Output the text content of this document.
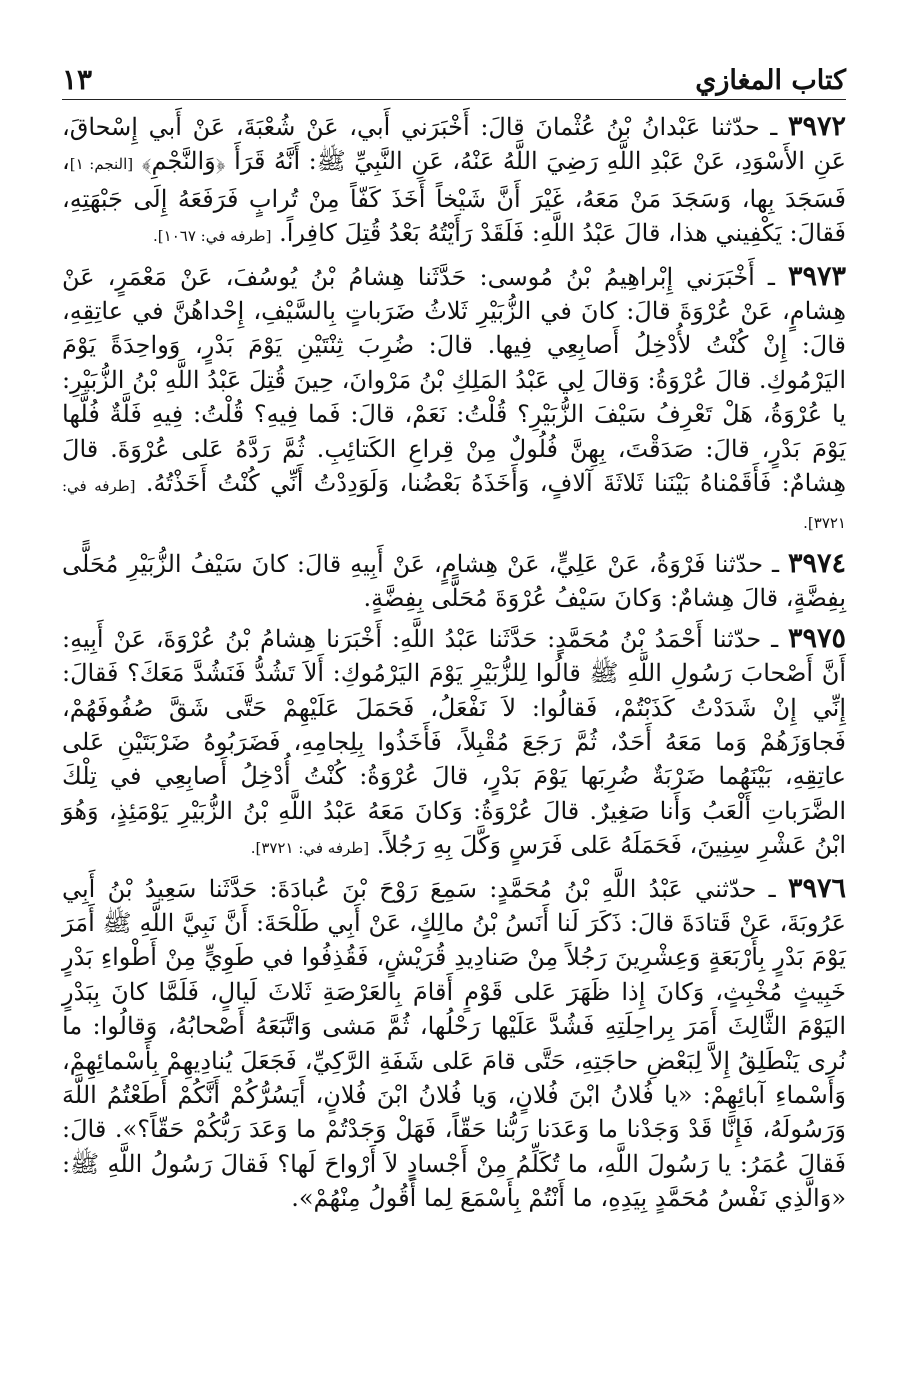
كتاب المغازي
١٣

٣٩٧٢ ـ حدّثنا عَبْدانُ بْنُ عُثْمانَ قالَ: أَخْبَرَني أَبي، عَنْ شُعْبَةَ، عَنْ أَبي إِسْحاقَ، عَنِ الأَسْوَدِ، عَنْ عَبْدِ اللَّهِ رَضِيَ اللَّهُ عَنْهُ، عَنِ النَّبِيِّ ﷺ: أَنَّهُ قَرَأَ ﴿وَالنَّجْمِ﴾ [النجم: ١]، فَسَجَدَ بِها، وَسَجَدَ مَنْ مَعَهُ، غَيْرَ أَنَّ شَيْخاً أَخَذَ كَفّاً مِنْ تُرابٍ فَرَفَعَهُ إِلَى جَبْهَتِهِ، فَقالَ: يَكْفِيني هذا، قالَ عَبْدُ اللَّهِ: فَلَقَدْ رَأَيْتُهُ بَعْدُ قُتِلَ كافِراً. [طرفه في: ١٠٦٧].

٣٩٧٣ ـ أَخْبَرَني إِبْراهِيمُ بْنُ مُوسى: حَدَّثَنا هِشامُ بْنُ يُوسُفَ، عَنْ مَعْمَرٍ، عَنْ هِشامٍ، عَنْ عُرْوَةَ قالَ: كانَ في الزُّبَيْرِ ثَلاثُ ضَرَباتٍ بِالسَّيْفِ، إِحْداهُنَّ في عاتِقِهِ، قالَ: إِنْ كُنْتُ لأُدْخِلُ أَصابِعِي فِيها. قالَ: ضُرِبَ ثِنْتَيْنِ يَوْمَ بَدْرٍ، وَواحِدَةً يَوْمَ اليَرْمُوكِ. قالَ عُرْوَةُ: وَقالَ لِي عَبْدُ المَلِكِ بْنُ مَرْوانَ، حِينَ قُتِلَ عَبْدُ اللَّهِ بْنُ الزُّبَيْرِ: يا عُرْوَةُ، هَلْ تَعْرِفُ سَيْفَ الزُّبَيْرِ؟ قُلْتُ: نَعَمْ، قالَ: فَما فِيهِ؟ قُلْتُ: فِيهِ فَلَّةٌ فُلَّها يَوْمَ بَدْرٍ، قالَ: صَدَقْتَ، بِهِنَّ فُلُولٌ مِنْ قِراعِ الكَتائِبِ. ثُمَّ رَدَّهُ عَلى عُرْوَةَ. قالَ هِشامٌ: فَأَقَمْناهُ بَيْنَنا ثَلاثَةَ آلافٍ، وَأَخَذَهُ بَعْضُنا، وَلَوَدِدْتُ أَنِّي كُنْتُ أَخَذْتُهُ. [طرفه في: ٣٧٢١].

٣٩٧٤ ـ حدّثنا فَرْوَةُ، عَنْ عَلِيٍّ، عَنْ هِشامٍ، عَنْ أَبِيهِ قالَ: كانَ سَيْفُ الزُّبَيْرِ مُحَلًّى بِفِضَّةٍ، قالَ هِشامٌ: وَكانَ سَيْفُ عُرْوَةَ مُحَلًّى بِفِضَّةٍ.

٣٩٧٥ ـ حدّثنا أَحْمَدُ بْنُ مُحَمَّدٍ: حَدَّثَنا عَبْدُ اللَّهِ: أَخْبَرَنا هِشامُ بْنُ عُرْوَةَ، عَنْ أَبِيهِ: أَنَّ أَصْحابَ رَسُولِ اللَّهِ ﷺ قالُوا لِلزُّبَيْرِ يَوْمَ اليَرْمُوكِ: أَلاَ تَشُدُّ فَنَشُدَّ مَعَكَ؟ فَقالَ: إِنِّي إِنْ شَدَدْتُ كَذَبْتُمْ، فَقالُوا: لاَ نَفْعَلُ، فَحَمَلَ عَلَيْهِمْ حَتَّى شَقَّ صُفُوفَهُمْ، فَجاوَزَهُمْ وَما مَعَهُ أَحَدٌ، ثُمَّ رَجَعَ مُقْبِلاً، فَأَخَذُوا بِلِجامِهِ، فَضَرَبُوهُ ضَرْبَتَيْنِ عَلى عاتِقِهِ، بَيْنَهُما ضَرْبَةٌ ضُرِبَها يَوْمَ بَدْرٍ، قالَ عُرْوَةُ: كُنْتُ أُدْخِلُ أَصابِعِي في تِلْكَ الضَّرَباتِ أَلْعَبُ وَأَنا صَغِيرٌ. قالَ عُرْوَةُ: وَكانَ مَعَهُ عَبْدُ اللَّهِ بْنُ الزُّبَيْرِ يَوْمَئِذٍ، وَهُوَ ابْنُ عَشْرِ سِنِينَ، فَحَمَلَهُ عَلى فَرَسٍ وَكَّلَ بِهِ رَجُلاً. [طرفه في: ٣٧٢١].

٣٩٧٦ ـ حدّثني عَبْدُ اللَّهِ بْنُ مُحَمَّدٍ: سَمِعَ رَوْحَ بْنَ عُبادَةَ: حَدَّثَنا سَعِيدُ بْنُ أَبِي عَرُوبَةَ، عَنْ قَتادَةَ قالَ: ذَكَرَ لَنا أَنَسُ بْنُ مالِكٍ، عَنْ أَبِي طَلْحَةَ: أَنَّ نَبِيَّ اللَّهِ ﷺ أَمَرَ يَوْمَ بَدْرٍ بِأَرْبَعَةٍ وَعِشْرِينَ رَجُلاً مِنْ صَنادِيدِ قُرَيْشٍ، فَقُذِفُوا في طَوِيٍّ مِنْ أَطْواءِ بَدْرٍ خَبِيثٍ مُخْبِثٍ، وَكانَ إِذا ظَهَرَ عَلى قَوْمٍ أَقامَ بِالعَرْصَةِ ثَلاثَ لَيالٍ، فَلَمَّا كانَ بِبَدْرٍ اليَوْمَ الثَّالِثَ أَمَرَ بِراحِلَتِهِ فَشُدَّ عَلَيْها رَحْلُها، ثُمَّ مَشى وَاتَّبَعَهُ أَصْحابُهُ، وَقالُوا: ما نُرى يَنْطَلِقُ إِلاَّ لِبَعْضِ حاجَتِهِ، حَتَّى قامَ عَلى شَفَةِ الرَّكِيِّ، فَجَعَلَ يُنادِيهِمْ بِأَسْمائِهِمْ، وَأَسْماءِ آبائِهِمْ: «يا فُلانُ ابْنَ فُلانٍ، وَيا فُلانُ ابْنَ فُلانٍ، أَيَسُرُّكُمْ أَنَّكُمْ أَطَعْتُمُ اللَّهَ وَرَسُولَهُ، فَإِنَّا قَدْ وَجَدْنا ما وَعَدَنا رَبُّنا حَقّاً، فَهَلْ وَجَدْتُمْ ما وَعَدَ رَبُّكُمْ حَقّاً؟». قالَ: فَقالَ عُمَرُ: يا رَسُولَ اللَّهِ، ما تُكَلِّمُ مِنْ أَجْسادٍ لاَ أَرْواحَ لَها؟ فَقالَ رَسُولُ اللَّهِ ﷺ: «وَالَّذِي نَفْسُ مُحَمَّدٍ بِيَدِهِ، ما أَنْتُمْ بِأَسْمَعَ لِما أَقُولُ مِنْهُمْ».
